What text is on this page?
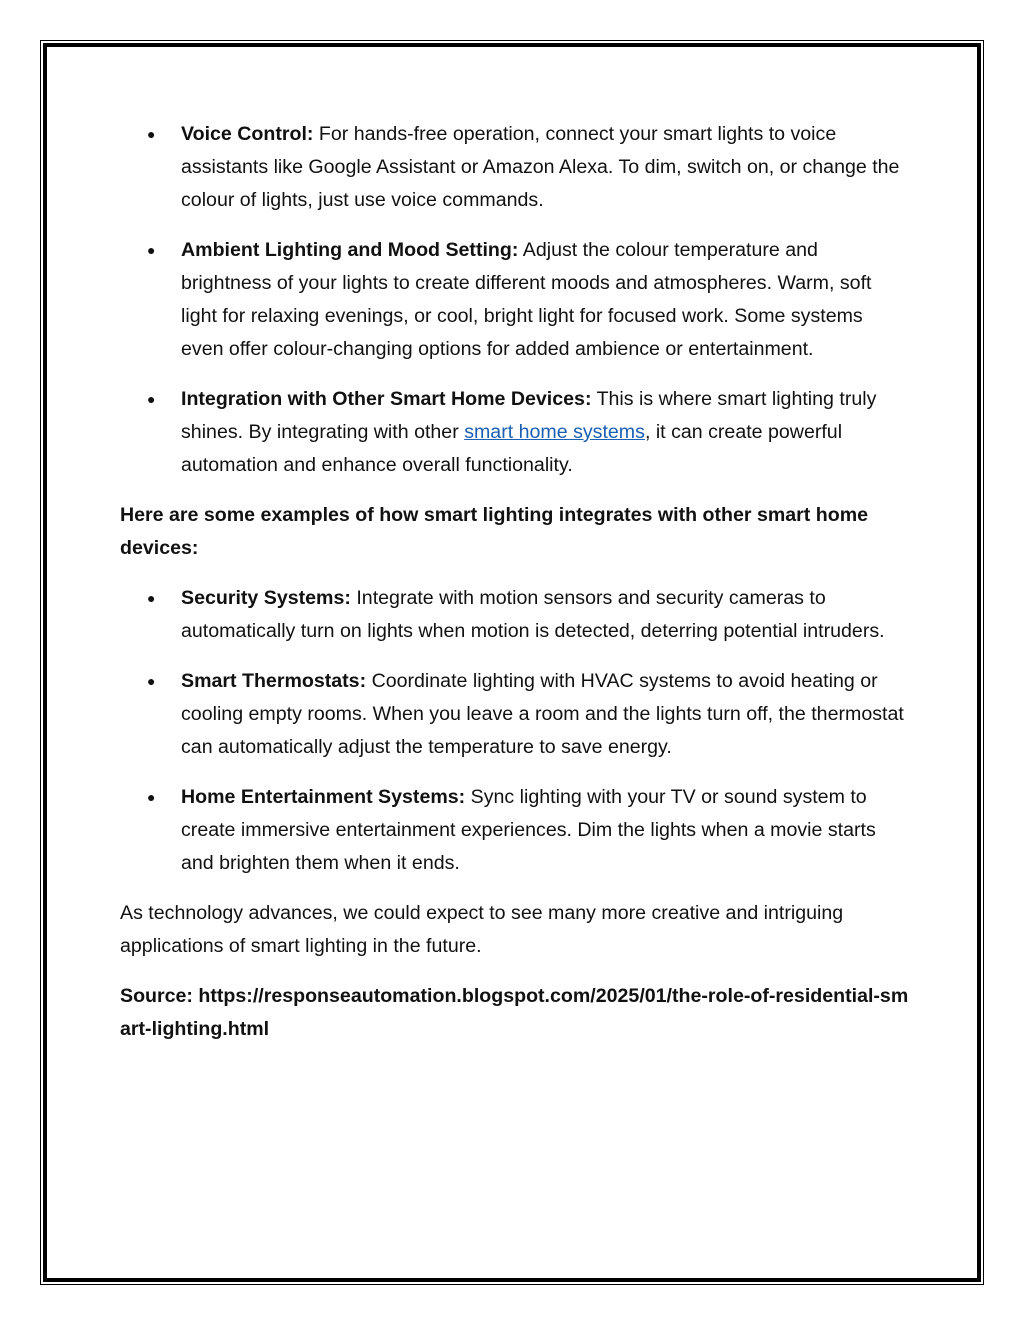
● Voice Control: For hands-free operation, connect your smart lights to voice assistants like Google Assistant or Amazon Alexa. To dim, switch on, or change the colour of lights, just use voice commands.
● Ambient Lighting and Mood Setting: Adjust the colour temperature and brightness of your lights to create different moods and atmospheres. Warm, soft light for relaxing evenings, or cool, bright light for focused work. Some systems even offer colour-changing options for added ambience or entertainment.
● Integration with Other Smart Home Devices: This is where smart lighting truly shines. By integrating with other smart home systems, it can create powerful automation and enhance overall functionality.

Here are some examples of how smart lighting integrates with other smart home devices:

● Security Systems: Integrate with motion sensors and security cameras to automatically turn on lights when motion is detected, deterring potential intruders.
● Smart Thermostats: Coordinate lighting with HVAC systems to avoid heating or cooling empty rooms. When you leave a room and the lights turn off, the thermostat can automatically adjust the temperature to save energy.
● Home Entertainment Systems: Sync lighting with your TV or sound system to create immersive entertainment experiences. Dim the lights when a movie starts and brighten them when it ends.

As technology advances, we could expect to see many more creative and intriguing applications of smart lighting in the future.

Source: https://responseautomation.blogspot.com/2025/01/the-role-of-residential-smart-lighting.html
